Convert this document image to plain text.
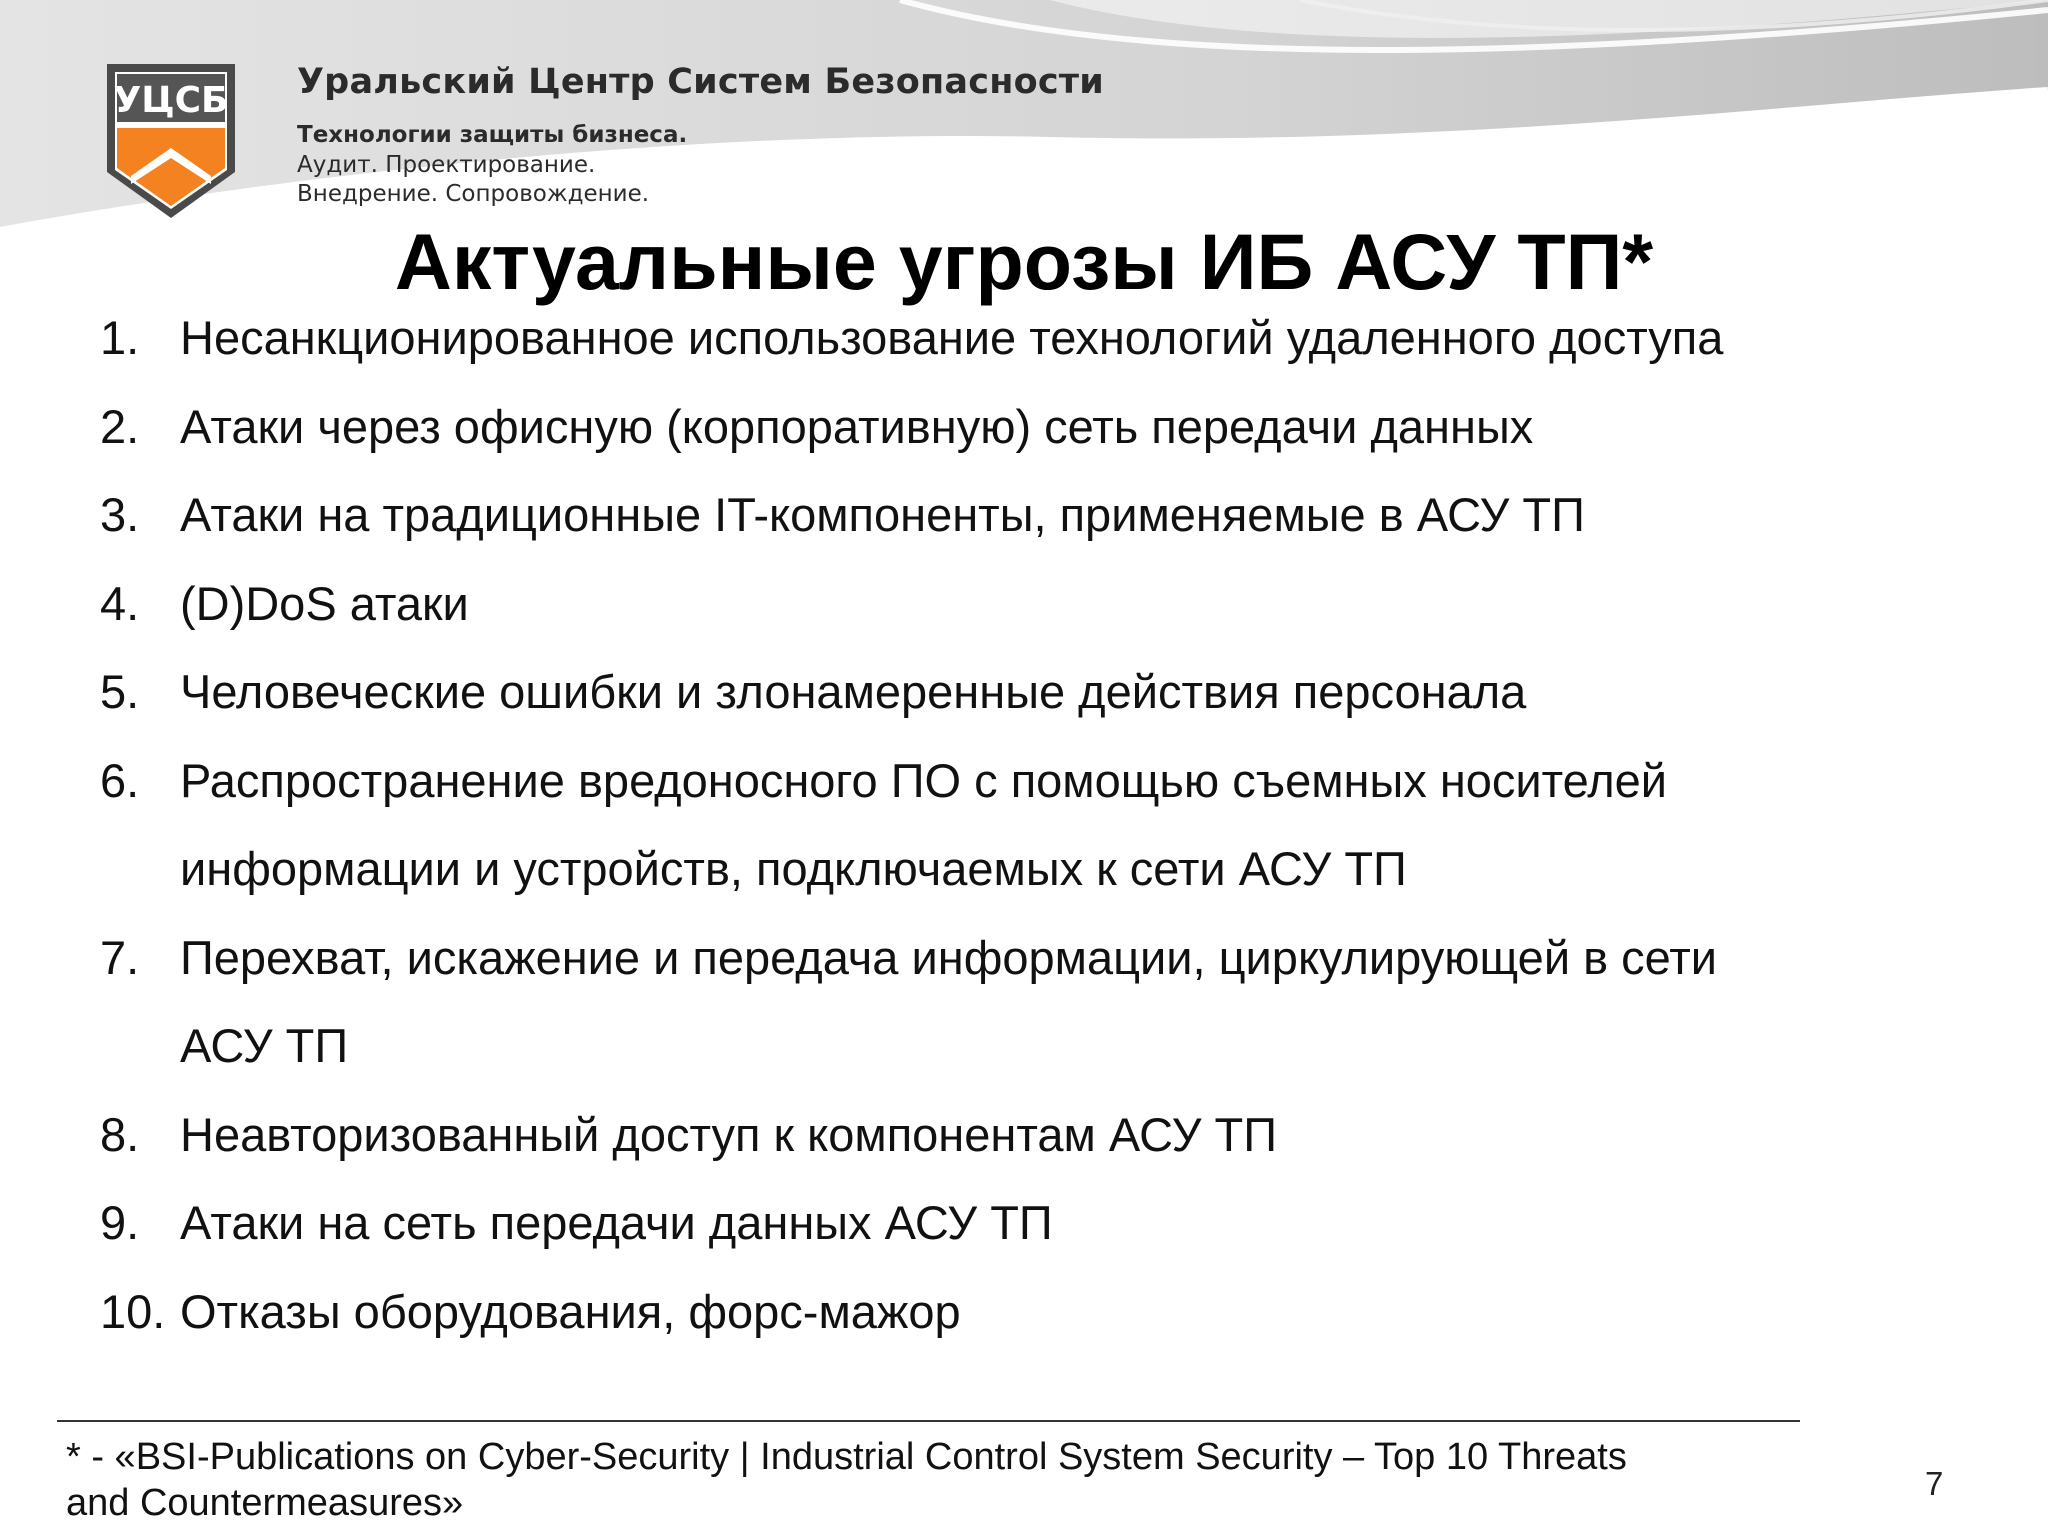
УЦСБ Уральский Центр Систем Безопасности
Технологии защиты бизнеса.
Аудит. Проектирование.
Внедрение. Сопровождение.
Актуальные угрозы ИБ АСУ ТП*
1. Несанкционированное использование технологий удаленного доступа
2. Атаки через офисную (корпоративную) сеть передачи данных
3. Атаки на традиционные IT-компоненты, применяемые в АСУ ТП
4. (D)DoS атаки
5. Человеческие ошибки и злонамеренные действия персонала
6. Распространение вредоносного ПО с помощью съемных носителей
информации и устройств, подключаемых к сети АСУ ТП
7. Перехват, искажение и передача информации, циркулирующей в сети
АСУ ТП
8. Неавторизованный доступ к компонентам АСУ ТП
9. Атаки на сеть передачи данных АСУ ТП
10. Отказы оборудования, форс-мажор
* - «BSI-Publications on Cyber-Security | Industrial Control System Security – Top 10 Threats
and Countermeasures»	7
